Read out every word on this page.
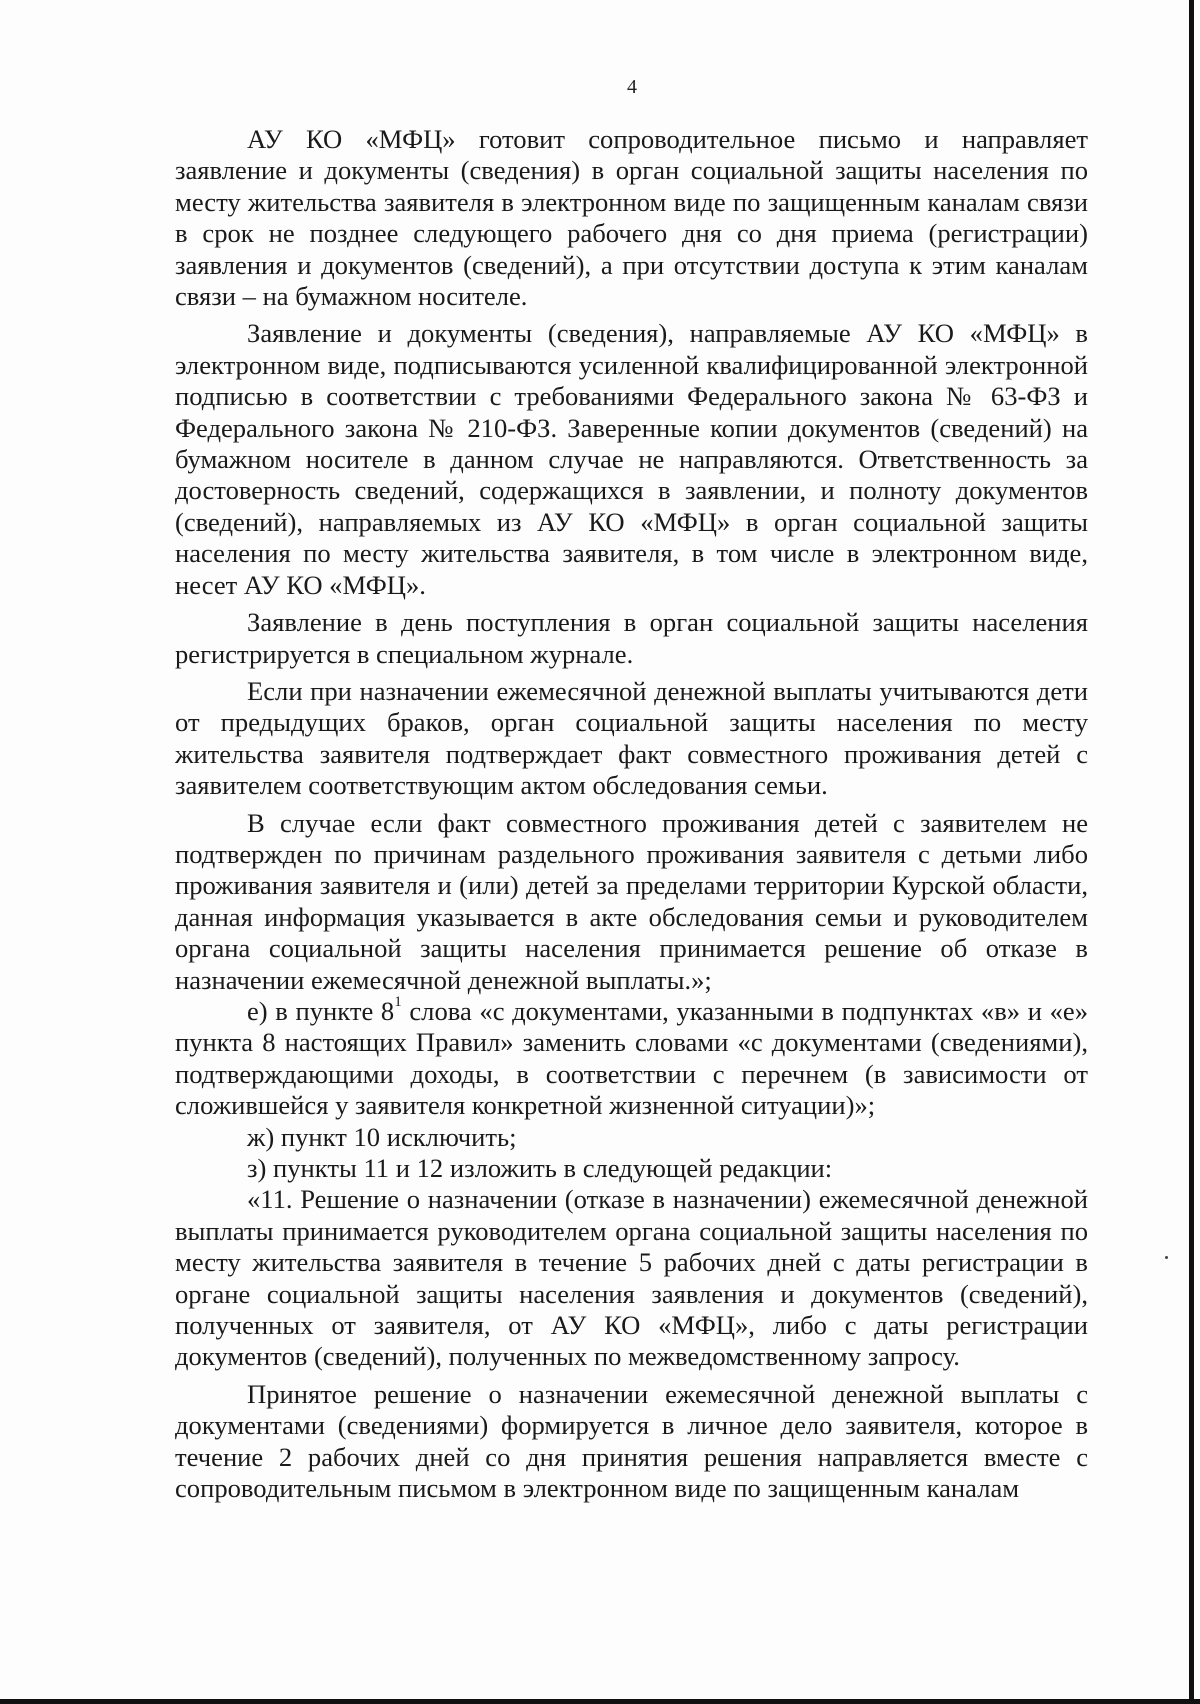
4

АУ КО «МФЦ» готовит сопроводительное письмо и направляет заявление и документы (сведения) в орган социальной защиты населения по месту жительства заявителя в электронном виде по защищенным каналам связи в срок не позднее следующего рабочего дня со дня приема (регистрации) заявления и документов (сведений), а при отсутствии доступа к этим каналам связи – на бумажном носителе.

Заявление и документы (сведения), направляемые АУ КО «МФЦ» в электронном виде, подписываются усиленной квалифицированной электронной подписью в соответствии с требованиями Федерального закона № 63-ФЗ и Федерального закона № 210-ФЗ. Заверенные копии документов (сведений) на бумажном носителе в данном случае не направляются. Ответственность за достоверность сведений, содержащихся в заявлении, и полноту документов (сведений), направляемых из АУ КО «МФЦ» в орган социальной защиты населения по месту жительства заявителя, в том числе в электронном виде, несет АУ КО «МФЦ».

Заявление в день поступления в орган социальной защиты населения регистрируется в специальном журнале.

Если при назначении ежемесячной денежной выплаты учитываются дети от предыдущих браков, орган социальной защиты населения по месту жительства заявителя подтверждает факт совместного проживания детей с заявителем соответствующим актом обследования семьи.

В случае если факт совместного проживания детей с заявителем не подтвержден по причинам раздельного проживания заявителя с детьми либо проживания заявителя и (или) детей за пределами территории Курской области, данная информация указывается в акте обследования семьи и руководителем органа социальной защиты населения принимается решение об отказе в назначении ежемесячной денежной выплаты.»;

е) в пункте 8$^1$ слова «с документами, указанными в подпунктах «в» и «е» пункта 8 настоящих Правил» заменить словами «с документами (сведениями), подтверждающими доходы, в соответствии с перечнем (в зависимости от сложившейся у заявителя конкретной жизненной ситуации)»;

ж) пункт 10 исключить;

з) пункты 11 и 12 изложить в следующей редакции:

«11. Решение о назначении (отказе в назначении) ежемесячной денежной выплаты принимается руководителем органа социальной защиты населения по месту жительства заявителя в течение 5 рабочих дней с даты регистрации в органе социальной защиты населения заявления и документов (сведений), полученных от заявителя, от АУ КО «МФЦ», либо с даты регистрации документов (сведений), полученных по межведомственному запросу.

Принятое решение о назначении ежемесячной денежной выплаты с документами (сведениями) формируется в личное дело заявителя, которое в течение 2 рабочих дней со дня принятия решения направляется вместе с сопроводительным письмом в электронном виде по защищенным каналам
